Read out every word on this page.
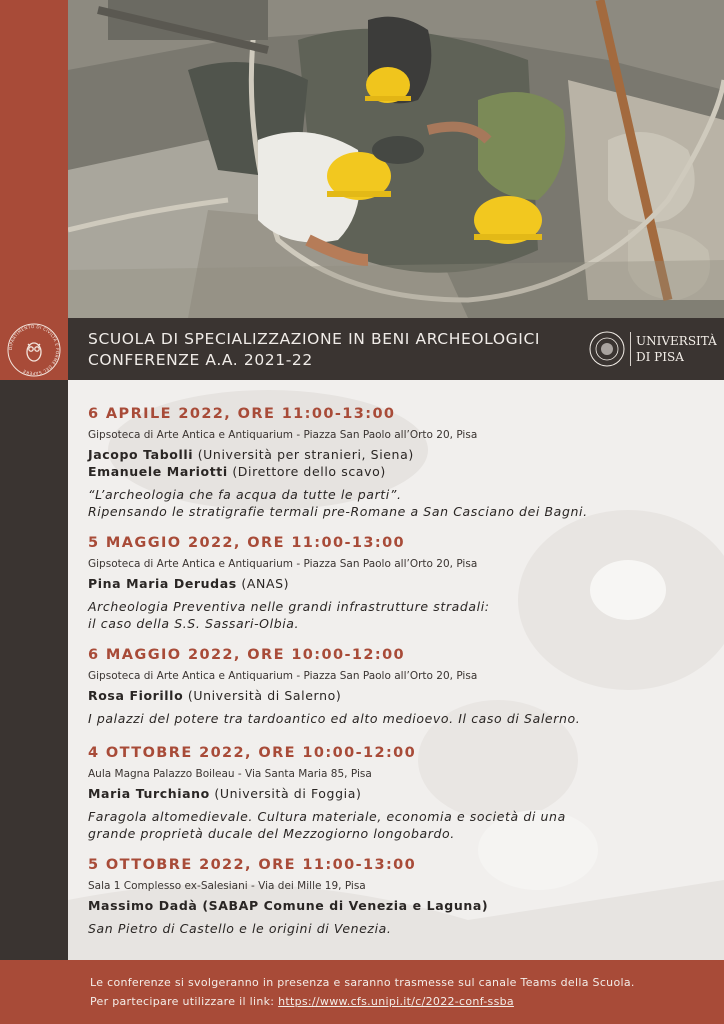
DIPARTIMENTO DI CIVILTÀ E FORME DEL SAPERE
SCUOLA DI SPECIALIZZAZIONE IN BENI ARCHEOLOGICI
CONFERENZE A.A. 2021-22
UNIVERSITÀ
DI PISA
6 APRILE 2022, ORE 11:00-13:00
Gipsoteca di Arte Antica e Antiquarium - Piazza San Paolo all’Orto 20, Pisa
Jacopo Tabolli (Università per stranieri, Siena)
Emanuele Mariotti (Direttore dello scavo)
“L’archeologia che fa acqua da tutte le parti”.
Ripensando le stratigrafie termali pre-Romane a San Casciano dei Bagni.
5 MAGGIO 2022, ORE 11:00-13:00
Gipsoteca di Arte Antica e Antiquarium - Piazza San Paolo all’Orto 20, Pisa
Pina Maria Derudas (ANAS)
Archeologia Preventiva nelle grandi infrastrutture stradali:
il caso della S.S. Sassari-Olbia.
6 MAGGIO 2022, ORE 10:00-12:00
Gipsoteca di Arte Antica e Antiquarium - Piazza San Paolo all’Orto 20, Pisa
Rosa Fiorillo (Università di Salerno)
I palazzi del potere tra tardoantico ed alto medioevo. Il caso di Salerno.
4 OTTOBRE 2022, ORE 10:00-12:00
Aula Magna Palazzo Boileau - Via Santa Maria 85, Pisa
Maria Turchiano (Università di Foggia)
Faragola altomedievale. Cultura materiale, economia e società di una
grande proprietà ducale del Mezzogiorno longobardo.
5 OTTOBRE 2022, ORE 11:00-13:00
Sala 1 Complesso ex-Salesiani - Via dei Mille 19, Pisa
Massimo Dadà (SABAP Comune di Venezia e Laguna)
San Pietro di Castello e le origini di Venezia.
Le conferenze si svolgeranno in presenza e saranno trasmesse sul canale Teams della Scuola.
Per partecipare utilizzare il link: https://www.cfs.unipi.it/c/2022-conf-ssba
